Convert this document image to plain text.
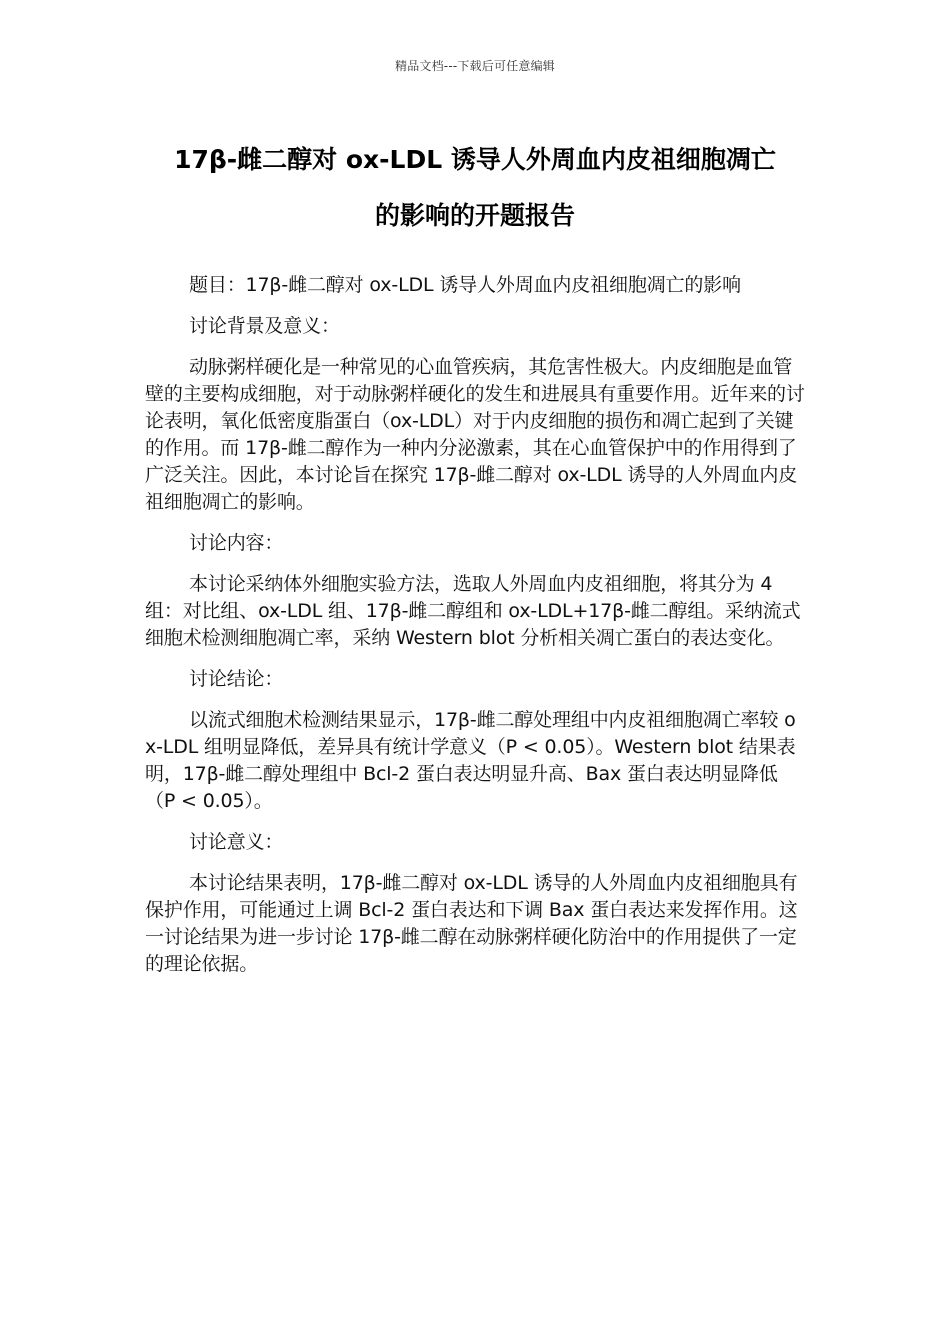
精品文档---下载后可任意编辑
17β-雌二醇对 ox-LDL 诱导人外周血内皮祖细胞凋亡
的影响的开题报告

题目：17β-雌二醇对 ox-LDL 诱导人外周血内皮祖细胞凋亡的影响

讨论背景及意义：

动脉粥样硬化是一种常见的心血管疾病，其危害性极大。内皮细胞是血管壁的主要构成细胞，对于动脉粥样硬化的发生和进展具有重要作用。近年来的讨论表明，氧化低密度脂蛋白（ox-LDL）对于内皮细胞的损伤和凋亡起到了关键的作用。而 17β-雌二醇作为一种内分泌激素，其在心血管保护中的作用得到了广泛关注。因此，本讨论旨在探究 17β-雌二醇对 ox-LDL 诱导的人外周血内皮祖细胞凋亡的影响。

讨论内容：

本讨论采纳体外细胞实验方法，选取人外周血内皮祖细胞，将其分为 4 组：对比组、ox-LDL 组、17β-雌二醇组和 ox-LDL+17β-雌二醇组。采纳流式细胞术检测细胞凋亡率，采纳 Western blot 分析相关凋亡蛋白的表达变化。

讨论结论：

以流式细胞术检测结果显示，17β-雌二醇处理组中内皮祖细胞凋亡率较 ox-LDL 组明显降低，差异具有统计学意义（P < 0.05）。Western blot 结果表明，17β-雌二醇处理组中 Bcl-2 蛋白表达明显升高、Bax 蛋白表达明显降低（P < 0.05）。

讨论意义：

本讨论结果表明，17β-雌二醇对 ox-LDL 诱导的人外周血内皮祖细胞具有保护作用，可能通过上调 Bcl-2 蛋白表达和下调 Bax 蛋白表达来发挥作用。这一讨论结果为进一步讨论 17β-雌二醇在动脉粥样硬化防治中的作用提供了一定的理论依据。
